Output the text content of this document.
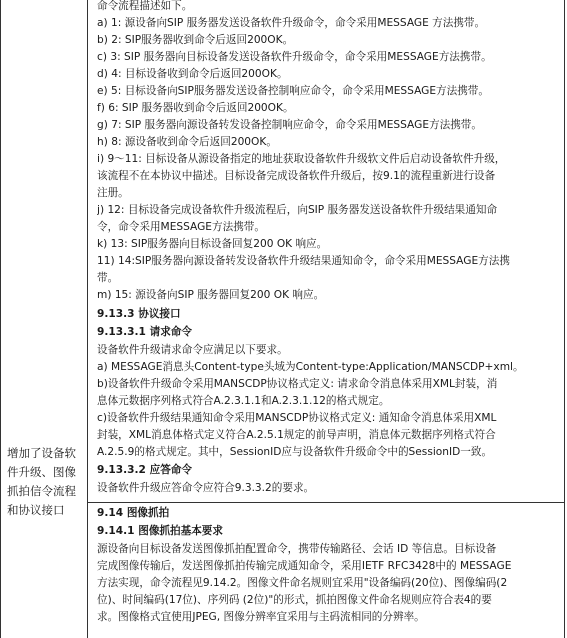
增加了设备软件升级、图像抓拍信令流程和协议接口
命令流程描述如下。
a) 1: 源设备向SIP 服务器发送设备软件升级命令，命令采用MESSAGE 方法携带。
b) 2: SIP服务器收到命令后返回200OK。
c) 3: SIP 服务器向目标设备发送设备软件升级命令，命令采用MESSAGE方法携带。
d) 4: 目标设备收到命令后返回200OK。
e) 5: 目标设备向SIP服务器发送设备控制响应命令，命令采用MESSAGE方法携带。
f) 6: SIP 服务器收到命令后返回200OK。
g) 7: SIP 服务器向源设备转发设备控制响应命令，命令采用MESSAGE方法携带。
h) 8: 源设备收到命令后返回200OK。
i) 9～11: 目标设备从源设备指定的地址获取设备软件升级软文件后启动设备软件升级，
该流程不在本协议中描述。目标设备完成设备软件升级后，按9.1的流程重新进行设备
注册。
j) 12: 目标设备完成设备软件升级流程后，向SIP 服务器发送设备软件升级结果通知命
令，命令采用MESSAGE方法携带。
k) 13: SIP服务器向目标设备回复200 OK 响应。
11) 14:SIP服务器向源设备转发设备软件升级结果通知命令，命令采用MESSAGE方法携
带。
m) 15: 源设备向SIP 服务器回复200 OK 响应。
9.13.3 协议接口
9.13.3.1 请求命令
设备软件升级请求命令应满足以下要求。
a) MESSAGE消息头Content-type头域为Content-type:Application/MANSCDP+xml。
b)设备软件升级命令采用MANSCDP协议格式定义: 请求命令消息体采用XML封装，消
息体元数据序列格式符合A.2.3.1.1和A.2.3.1.12的格式规定。
c)设备软件升级结果通知命令采用MANSCDP协议格式定义: 通知命令消息体采用XML
封装，XML消息体格式定义符合A.2.5.1规定的前导声明，消息体元数据序列格式符合
A.2.5.9的格式规定。其中，SessionID应与设备软件升级命令中的SessionID一致。
9.13.3.2 应答命令
设备软件升级应答命令应符合9.3.3.2的要求。
9.14 图像抓拍
9.14.1 图像抓拍基本要求
源设备向目标设备发送图像抓拍配置命令，携带传输路径、会话 ID 等信息。目标设备
完成图像传输后，发送图像抓拍传输完成通知命令，采用IETF RFC3428中的 MESSAGE
方法实现，命令流程见9.14.2。图像文件命名规则宜采用"设备编码(20位)、图像编码(2
位)、时间编码(17位)、序列码 (2位)"的形式，抓拍图像文件命名规则应符合表4的要
求。图像格式宜使用JPEG, 图像分辨率宜采用与主码流相同的分辨率。
